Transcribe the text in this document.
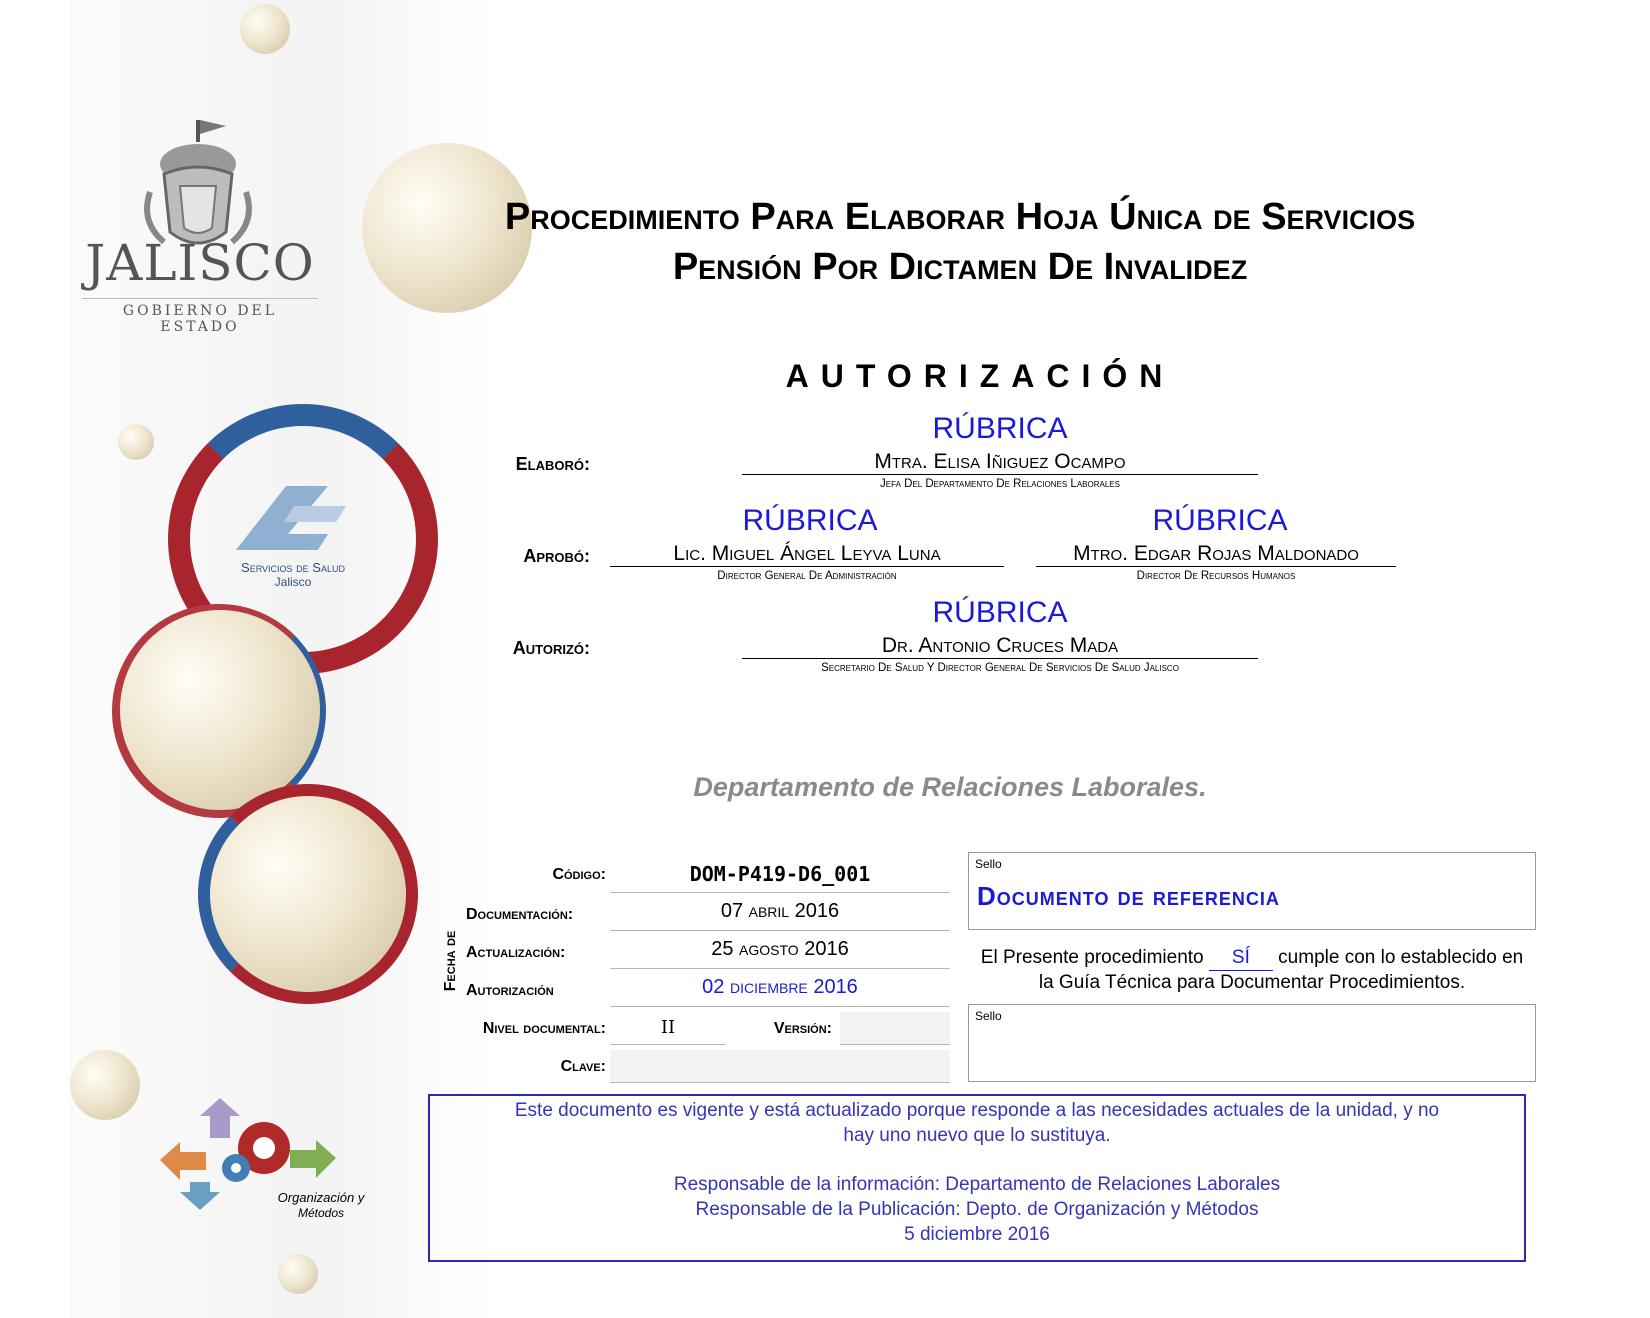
JALISCO
GOBIERNO DEL ESTADO
Servicios de Salud
Jalisco
Organización y
Métodos
Procedimiento Para Elaborar Hoja Única de Servicios
Pensión Por Dictamen De Invalidez
AUTORIZACIÓN
RÚBRICA
Elaboró:	Mtra. Elisa Iñiguez Ocampo
Jefa Del Departamento De Relaciones Laborales
RÚBRICA	RÚBRICA
Aprobó:	Lic. Miguel Ángel Leyva Luna
Director General De Administración
Mtro. Edgar Rojas Maldonado
Director De Recursos Humanos
RÚBRICA
Autorizó:	Dr. Antonio Cruces Mada
Secretario De Salud Y Director General De Servicios De Salud Jalisco
Departamento de Relaciones Laborales.
Código:	DOM-P419-D6_001
Fecha de
Documentación:	07 abril 2016
Actualización:	25 agosto 2016
Autorización	02 diciembre 2016
Nivel documental:	II	Versión:
Clave:
Sello
Documento de referencia
El Presente procedimiento SÍ cumple con lo establecido en
la Guía Técnica para Documentar Procedimientos.
Sello
Este documento es vigente y está actualizado porque responde a las necesidades actuales de la unidad, y no
hay uno nuevo que lo sustituya.
Responsable de la información: Departamento de Relaciones Laborales
Responsable de la Publicación: Depto. de Organización y Métodos
5 diciembre 2016
